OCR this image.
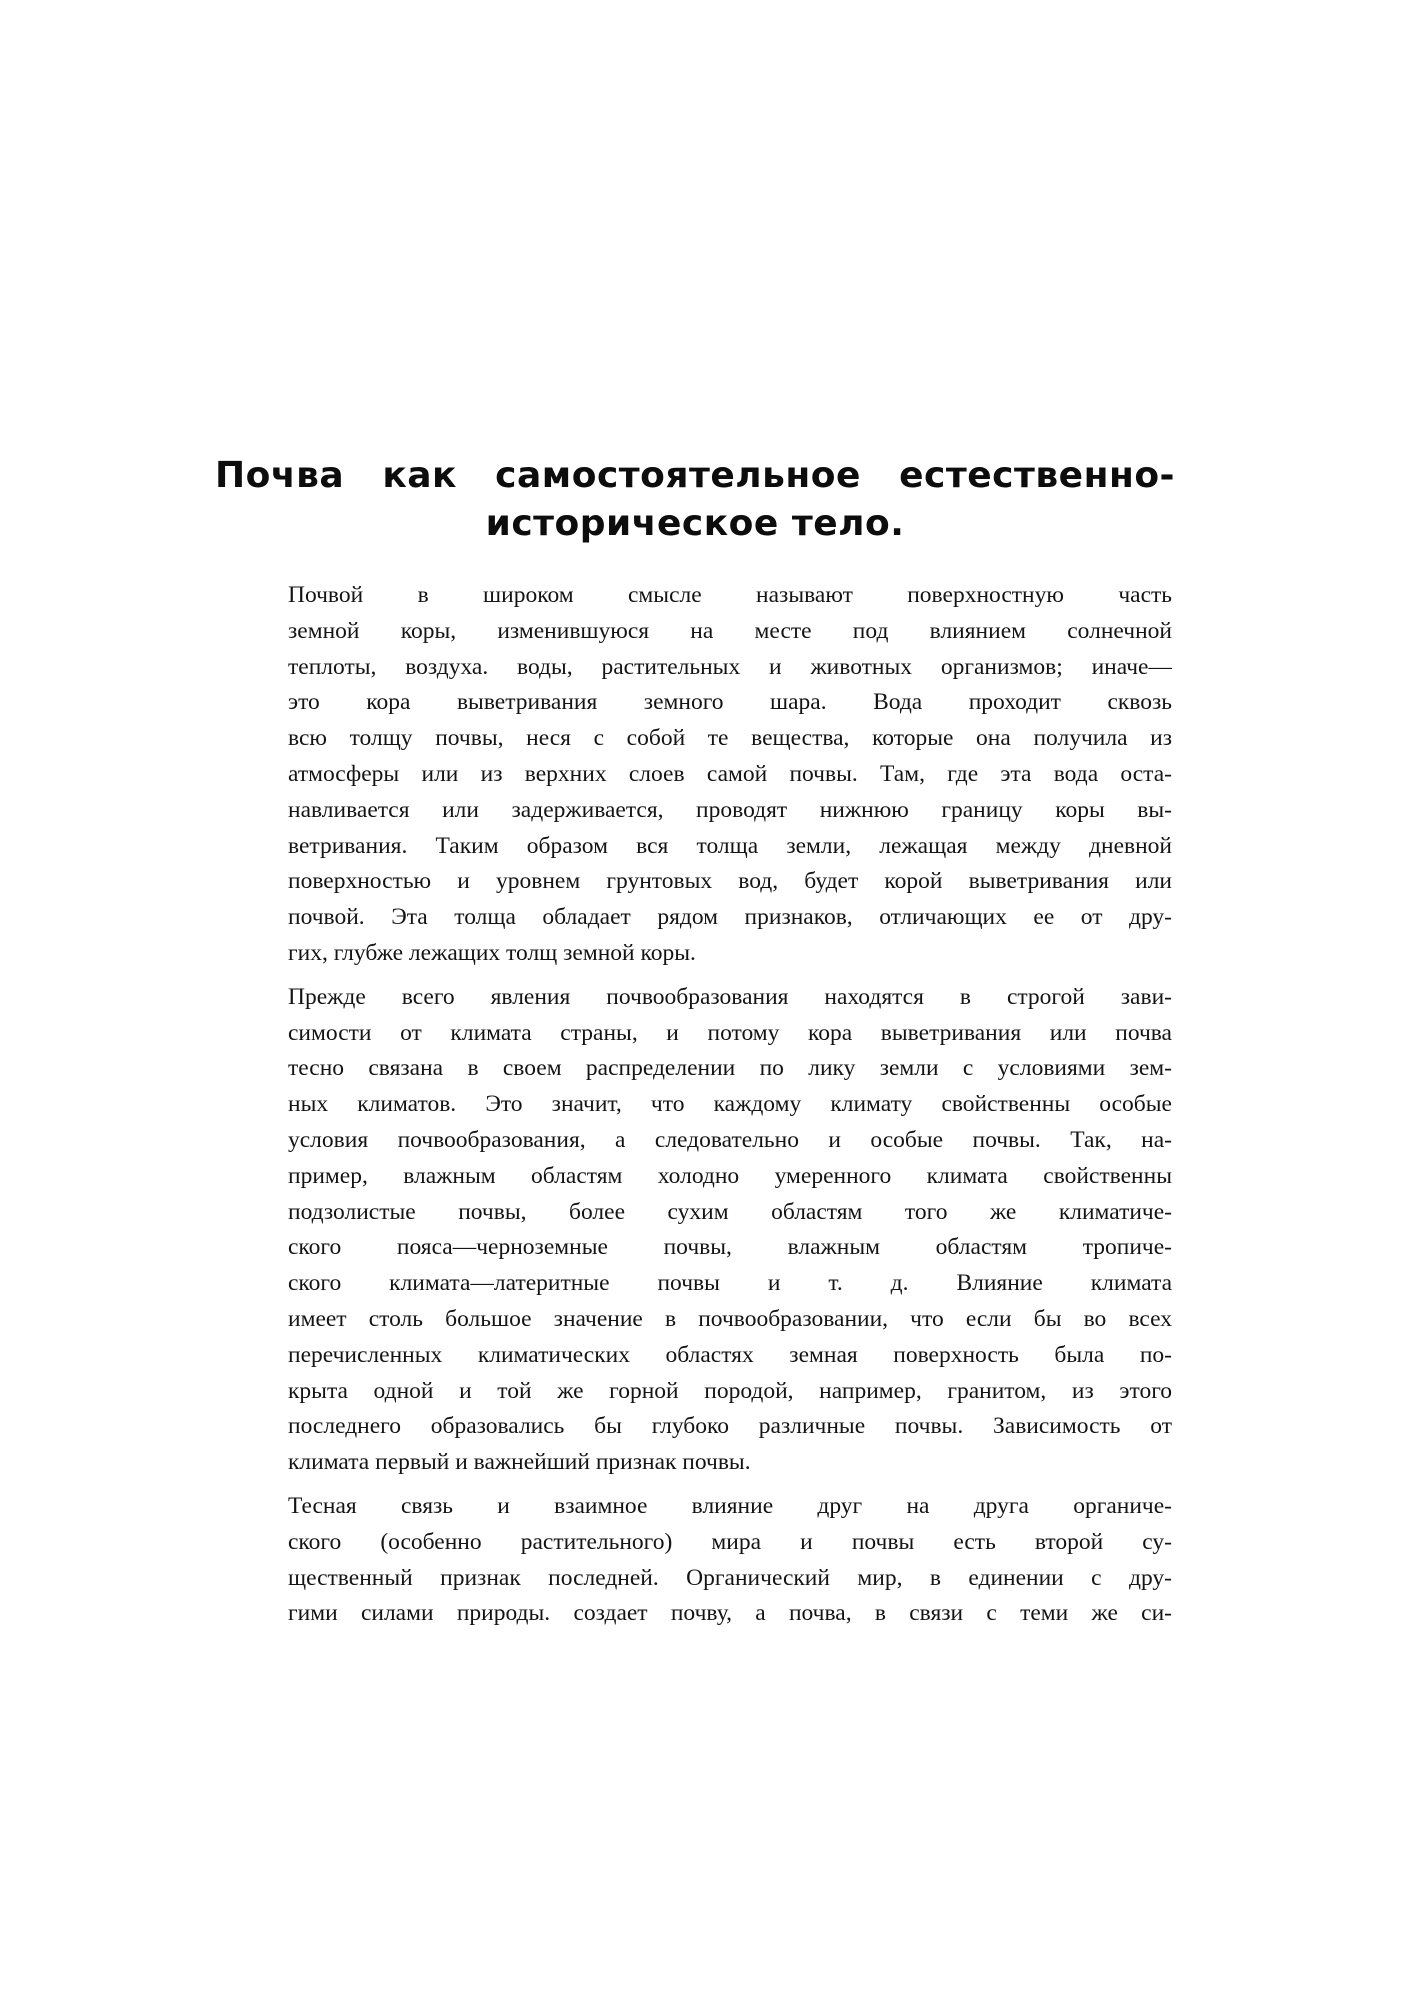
Почва как самостоятельное естественно-
историческое тело.
Почвой в широком смысле называют поверхностную часть
земной коры, изменившуюся на месте под влиянием солнечной
теплоты, воздуха. воды, растительных и животных организмов; иначе—
это кора выветривания земного шара. Вода проходит сквозь
всю толщу почвы, неся с собой те вещества, которые она получила из
атмосферы или из верхних слоев самой почвы. Там, где эта вода оста-
навливается или задерживается, проводят нижнюю границу коры вы-
ветривания. Таким образом вся толща земли, лежащая между дневной
поверхностью и уровнем грунтовых вод, будет корой выветривания или
почвой. Эта толща обладает рядом признаков, отличающих ее от дру-
гих, глубже лежащих толщ земной коры.
Прежде всего явления почвообразования находятся в строгой зави-
симости от климата страны, и потому кора выветривания или почва
тесно связана в своем распределении по лику земли с условиями зем-
ных климатов. Это значит, что каждому климату свойственны особые
условия почвообразования, а следовательно и особые почвы. Так, на-
пример, влажным областям холодно умеренного климата свойственны
подзолистые почвы, более сухим областям того же климатиче-
ского пояса—черноземные почвы, влажным областям тропиче-
ского климата—латеритные почвы и т. д. Влияние климата
имеет столь большое значение в почвообразовании, что если бы во всех
перечисленных климатических областях земная поверхность была по-
крыта одной и той же горной породой, например, гранитом, из этого
последнего образовались бы глубоко различные почвы. Зависимость от
климата первый и важнейший признак почвы.
Тесная связь и взаимное влияние друг на друга органиче-
ского (особенно растительного) мира и почвы есть второй су-
щественный признак последней. Органический мир, в единении с дру-
гими силами природы. создает почву, а почва, в связи с теми же си-
